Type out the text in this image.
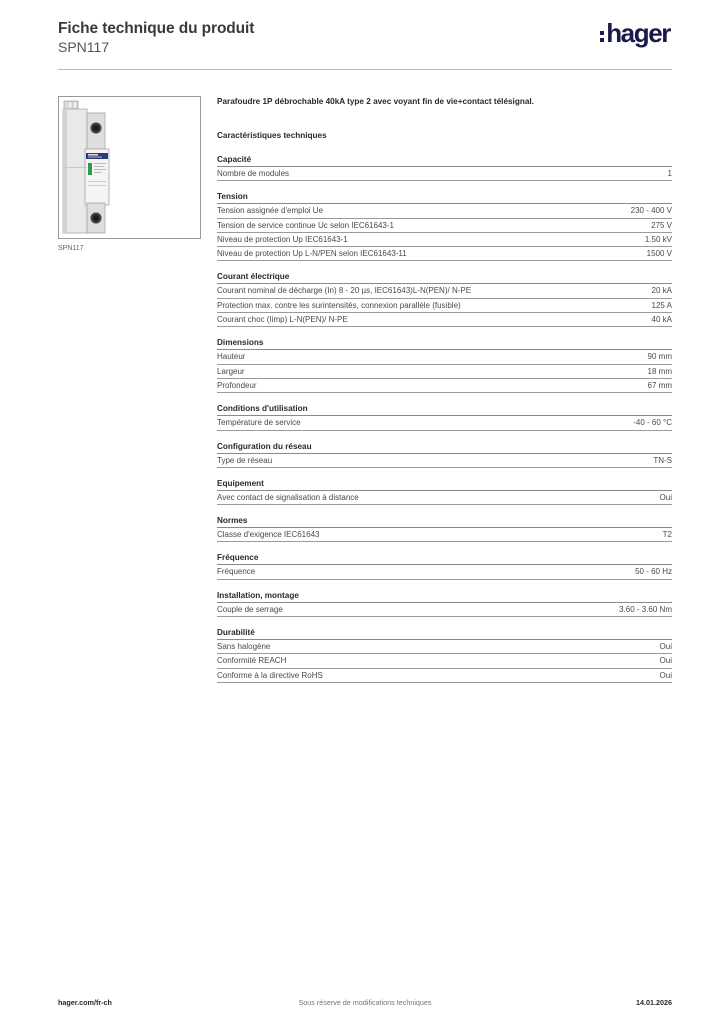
Fiche technique du produit
SPN117	hager
SPN117
Parafoudre 1P débrochable 40kA type 2 avec voyant fin de vie+contact télésignal.
Caractéristiques techniques
Capacité
Nombre de modules	1
Tension
Tension assignée d'emploi Ue	230 - 400 V
Tension de service continue Uc selon IEC61643-1	275 V
Niveau de protection Up IEC61643-1	1.50 kV
Niveau de protection Up L-N/PEN selon IEC61643-11	1500 V
Courant électrique
Courant nominal de décharge (In) 8 - 20 µs, IEC61643)L-N(PEN)/ N-PE	20 kA
Protection max. contre les surintensités, connexion parallèle (fusible)	125 A
Courant choc (Iimp) L-N(PEN)/ N-PE	40 kA
Dimensions
Hauteur	90 mm
Largeur	18 mm
Profondeur	67 mm
Conditions d'utilisation
Température de service	-40 - 60 °C
Configuration du réseau
Type de réseau	TN-S
Equipement
Avec contact de signalisation à distance	Oui
Normes
Classe d'exigence IEC61643	T2
Fréquence
Fréquence	50 - 60 Hz
Installation, montage
Couple de serrage	3.60 - 3.60 Nm
Durabilité
Sans halogène	Oui
Conformité REACH	Oui
Conforme à la directive RoHS	Oui
hager.com/fr-ch	Sous réserve de modifications techniques	14.01.2026
